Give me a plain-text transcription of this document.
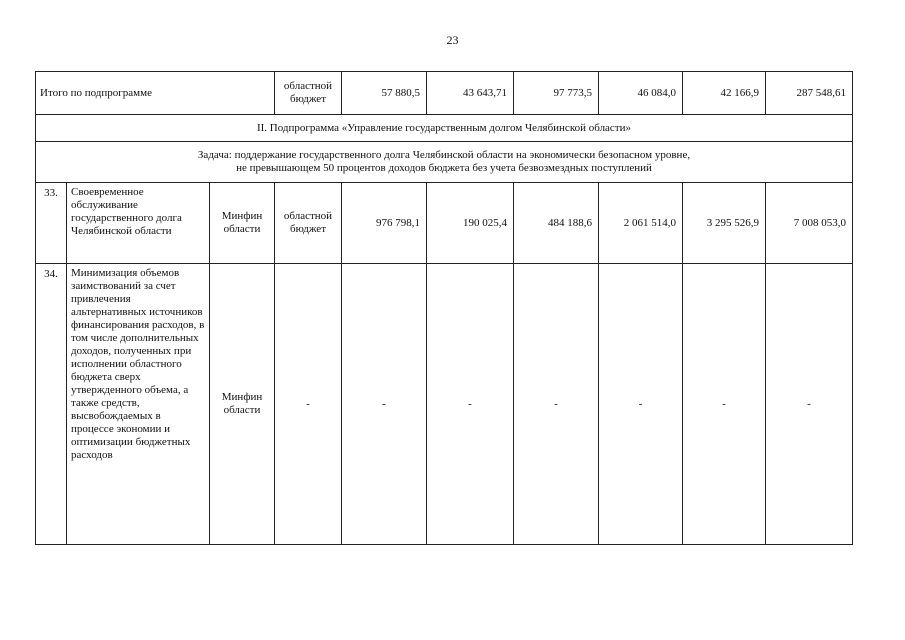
23
Итого по подпрограмме			областной бюджет	57 880,5	43 643,71	97 773,5	46 084,0	42 166,9	287 548,61
II. Подпрограмма «Управление государственным долгом Челябинской области»									
Задача: поддержание государственного долга Челябинской области на экономически безопасном уровне,
не превышающем 50 процентов доходов бюджета без учета безвозмездных поступлений									
33.	Своевременное обслуживание государственного долга Челябинской области	Минфин области	областной бюджет	976 798,1	190 025,4	484 188,6	2 061 514,0	3 295 526,9	7 008 053,0
34.	Минимизация объемов заимствований за счет привлечения альтернативных источников финансирования расходов, в том числе дополнительных доходов, полученных при исполнении областного бюджета сверх утвержденного объема, а также средств, высвобождаемых в процессе экономии и оптимизации бюджетных расходов	Минфин области	-	-	-	-	-	-	-
